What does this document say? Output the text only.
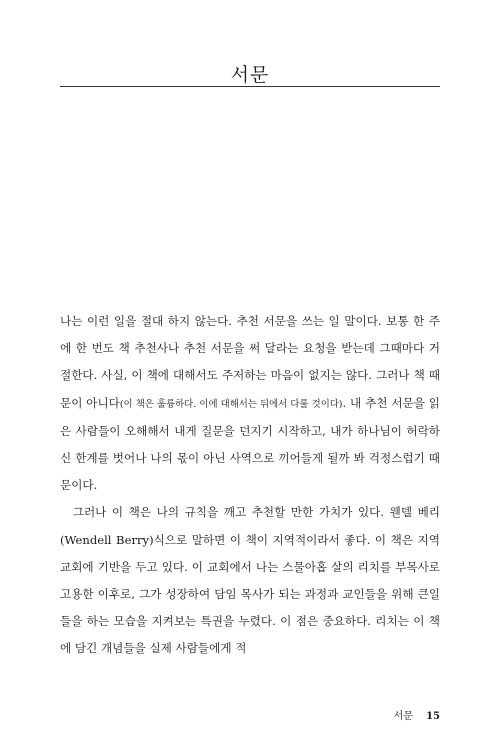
서문

나는 이런 일을 절대 하지 않는다. 추천 서문을 쓰는 일 말이다. 보통 한 주에 한 번도 책 추천사나 추천 서문을 써 달라는 요청을 받는데 그때마다 거절한다. 사실, 이 책에 대해서도 주저하는 마음이 없지는 않다. 그러나 책 때문이 아니다(이 책은 훌륭하다. 이에 대해서는 뒤에서 다룰 것이다). 내 추천 서문을 읽은 사람들이 오해해서 내게 질문을 던지기 시작하고, 내가 하나님이 허락하신 한계를 벗어나 나의 몫이 아닌 사역으로 끼어들게 될까 봐 걱정스럽기 때문이다.

그러나 이 책은 나의 규칙을 깨고 추천할 만한 가치가 있다. 웬델 베리(Wendell Berry)식으로 말하면 이 책이 지역적이라서 좋다. 이 책은 지역 교회에 기반을 두고 있다. 이 교회에서 나는 스물아홉 살의 리치를 부목사로 고용한 이후로, 그가 성장하여 담임 목사가 되는 과정과 교인들을 위해 큰일들을 하는 모습을 지켜보는 특권을 누렸다. 이 점은 중요하다. 리치는 이 책에 담긴 개념들을 실제 사람들에게 적

서문 15
